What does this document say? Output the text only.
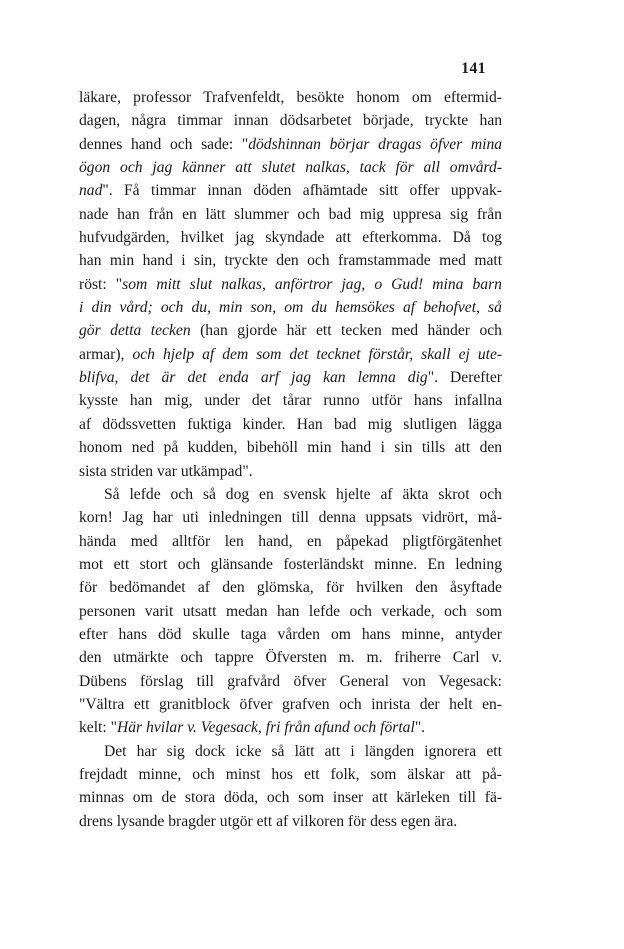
141
läkare, professor Trafvenfeldt, besökte honom om eftermid-
dagen, några timmar innan dödsarbetet började, tryckte han
dennes hand och sade: "dödshinnan börjar dragas öfver mina
ögon och jag känner att slutet nalkas, tack för all omvård-
nad". Få timmar innan döden afhämtade sitt offer uppvak-
nade han från en lätt slummer och bad mig uppresa sig från
hufvudgärden, hvilket jag skyndade att efterkomma. Då tog
han min hand i sin, tryckte den och framstammade med matt
röst: "som mitt slut nalkas, anförtror jag, o Gud! mina barn
i din vård; och du, min son, om du hemsökes af behofvet, så
gör detta tecken (han gjorde här ett tecken med händer och
armar), och hjelp af dem som det tecknet förstår, skall ej ute-
blifva, det är det enda arf jag kan lemna dig". Derefter
kysste han mig, under det tårar runno utför hans infallna
af dödssvetten fuktiga kinder. Han bad mig slutligen lägga
honom ned på kudden, bibehöll min hand i sin tills att den
sista striden var utkämpad".
Så lefde och så dog en svensk hjelte af äkta skrot och
korn! Jag har uti inledningen till denna uppsats vidrört, må-
hända med alltför len hand, en påpekad pligtförgätenhet
mot ett stort och glänsande fosterländskt minne. En ledning
för bedömandet af den glömska, för hvilken den åsyftade
personen varit utsatt medan han lefde och verkade, och som
efter hans död skulle taga vården om hans minne, antyder
den utmärkte och tappre Öfversten m. m. friherre Carl v.
Dübens förslag till grafvård öfver General von Vegesack:
"Vältra ett granitblock öfver grafven och inrista der helt en-
kelt: "Här hvilar v. Vegesack, fri från afund och förtal".
Det har sig dock icke så lätt att i längden ignorera ett
frejdadt minne, och minst hos ett folk, som älskar att på-
minnas om de stora döda, och som inser att kärleken till fä-
drens lysande bragder utgör ett af vilkoren för dess egen ära.
